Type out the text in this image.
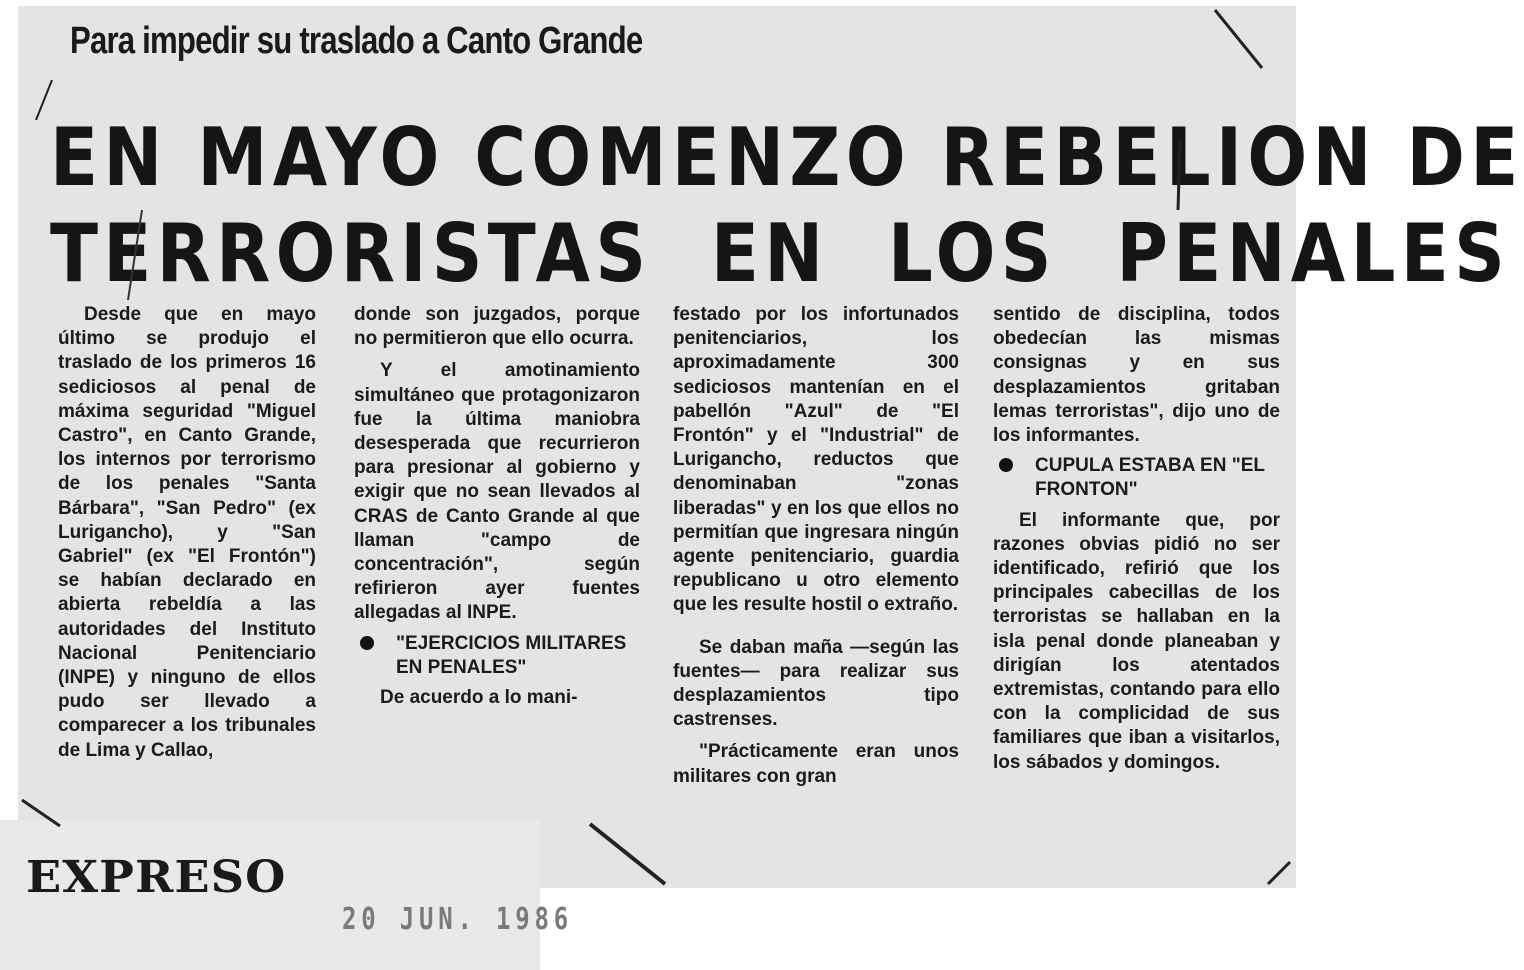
Para impedir su traslado a Canto Grande
EN MAYO COMENZO REBELION DE
TERRORISTAS  EN  LOS  PENALES

Desde que en mayo último se produjo el traslado de los primeros 16 sediciosos al penal de máxima seguridad "Miguel Castro", en Canto Grande, los internos por terrorismo de los penales "Santa Bárbara", "San Pedro" (ex Lurigancho), y "San Gabriel" (ex "El Frontón") se habían declarado en abierta rebeldía a las autoridades del Instituto Nacional Penitenciario (INPE) y ninguno de ellos pudo ser llevado a comparecer a los tribunales de Lima y Callao,

donde son juzgados, porque no permitieron que ello ocurra.

Y el amotinamiento simultáneo que protagonizaron fue la última maniobra desesperada que recurrieron para presionar al gobierno y exigir que no sean llevados al CRAS de Canto Grande al que llaman "campo de concentración", según refirieron ayer fuentes allegadas al INPE.

"EJERCICIOS MILITARES EN PENALES"

De acuerdo a lo mani-

festado por los infortunados penitenciarios, los aproximadamente 300 sediciosos mantenían en el pabellón "Azul" de "El Frontón" y el "Industrial" de Lurigancho, reductos que denominaban "zonas liberadas" y en los que ellos no permitían que ingresara ningún agente penitenciario, guardia republicano u otro elemento que les resulte hostil o extraño.

Se daban maña —según las fuentes— para realizar sus desplazamientos tipo castrenses.

"Prácticamente eran unos militares con gran

sentido de disciplina, todos obedecían las mismas consignas y en sus desplazamientos gritaban lemas terroristas", dijo uno de los informantes.

CUPULA ESTABA EN "EL FRONTON"

El informante que, por razones obvias pidió no ser identificado, refirió que los principales cabecillas de los terroristas se hallaban en la isla penal donde planeaban y dirigían los atentados extremistas, contando para ello con la complicidad de sus familiares que iban a visitarlos, los sábados y domingos.

EXPRESO
20 JUN. 1986
